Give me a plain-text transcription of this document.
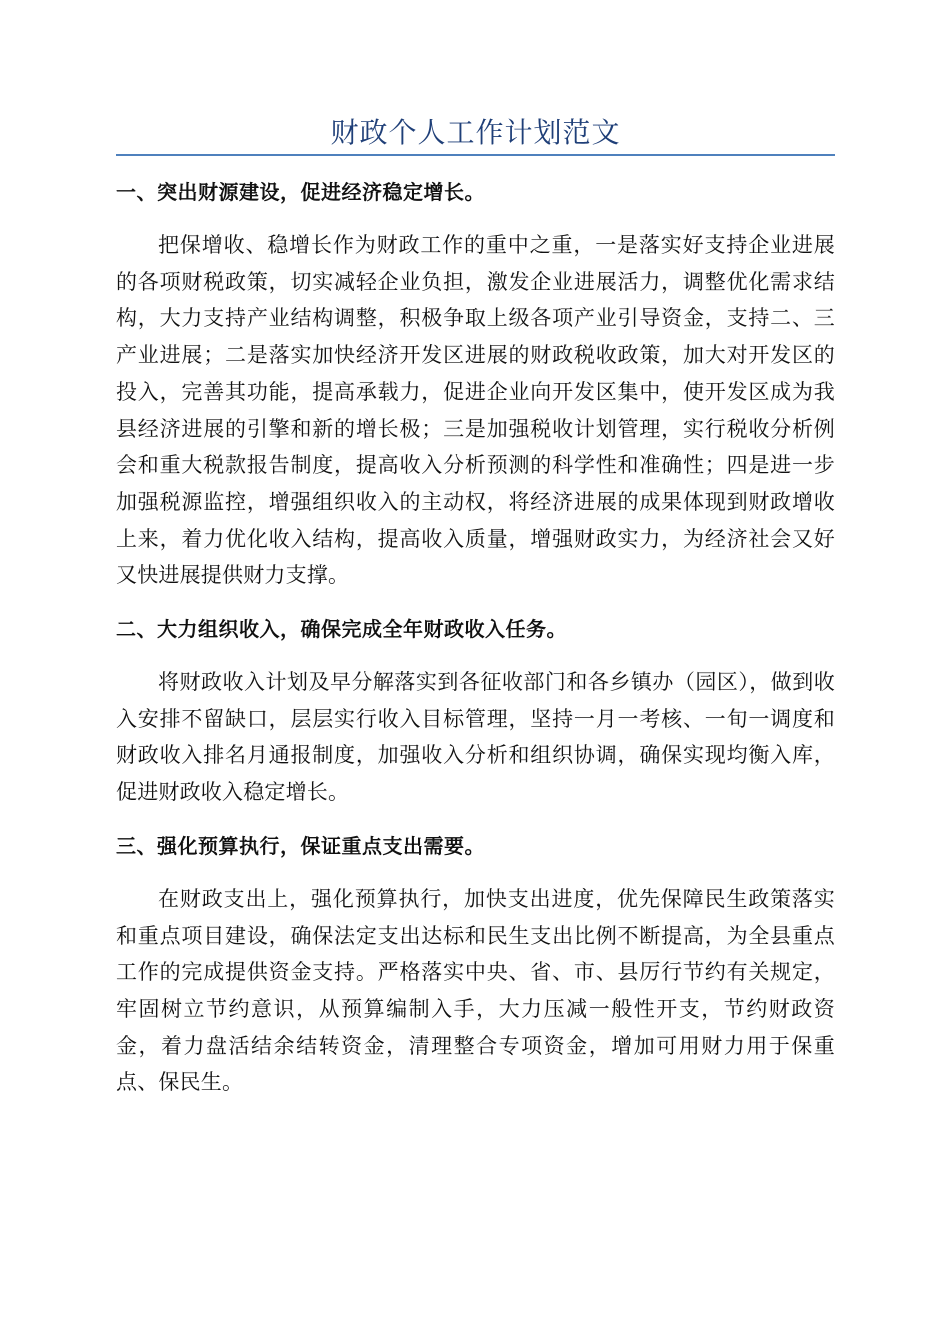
财政个人工作计划范文
一、突出财源建设，促进经济稳定增长。

把保增收、稳增长作为财政工作的重中之重，一是落实好支持企业进展的各项财税政策，切实减轻企业负担，激发企业进展活力，调整优化需求结构，大力支持产业结构调整，积极争取上级各项产业引导资金，支持二、三产业进展；二是落实加快经济开发区进展的财政税收政策，加大对开发区的投入，完善其功能，提高承载力，促进企业向开发区集中，使开发区成为我县经济进展的引擎和新的增长极；三是加强税收计划管理，实行税收分析例会和重大税款报告制度，提高收入分析预测的科学性和准确性；四是进一步加强税源监控，增强组织收入的主动权，将经济进展的成果体现到财政增收上来，着力优化收入结构，提高收入质量，增强财政实力，为经济社会又好又快进展提供财力支撑。

二、大力组织收入，确保完成全年财政收入任务。

将财政收入计划及早分解落实到各征收部门和各乡镇办（园区），做到收入安排不留缺口，层层实行收入目标管理，坚持一月一考核、一旬一调度和财政收入排名月通报制度，加强收入分析和组织协调，确保实现均衡入库，促进财政收入稳定增长。

三、强化预算执行，保证重点支出需要。

在财政支出上，强化预算执行，加快支出进度，优先保障民生政策落实和重点项目建设，确保法定支出达标和民生支出比例不断提高，为全县重点工作的完成提供资金支持。严格落实中央、省、市、县厉行节约有关规定，牢固树立节约意识，从预算编制入手，大力压减一般性开支，节约财政资金，着力盘活结余结转资金，清理整合专项资金，增加可用财力用于保重点、保民生。
